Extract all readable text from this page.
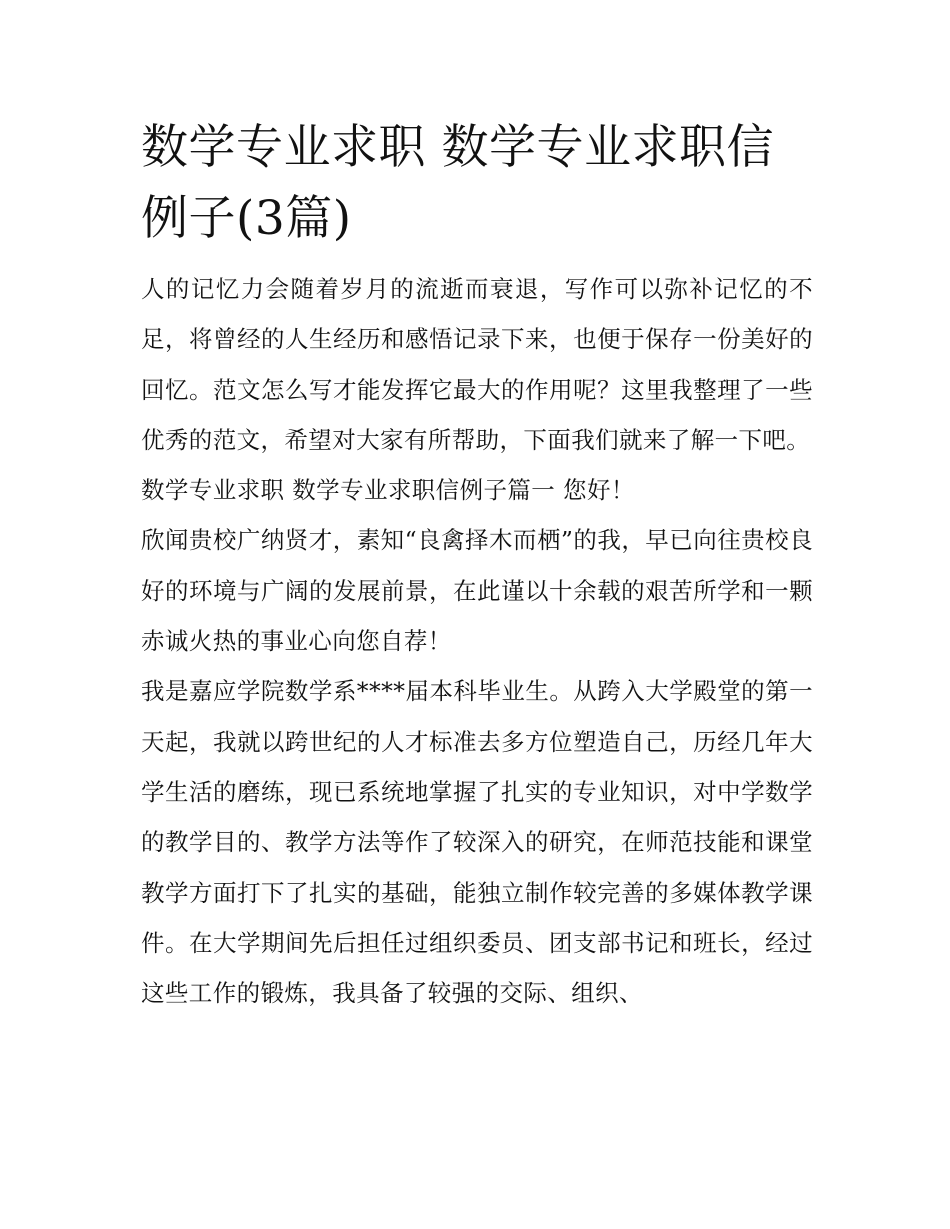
数学专业求职 数学专业求职信例子(3篇)

人的记忆力会随着岁月的流逝而衰退，写作可以弥补记忆的不足，将曾经的人生经历和感悟记录下来，也便于保存一份美好的回忆。范文怎么写才能发挥它最大的作用呢？这里我整理了一些优秀的范文，希望对大家有所帮助，下面我们就来了解一下吧。

数学专业求职 数学专业求职信例子篇一 您好！

欣闻贵校广纳贤才，素知“良禽择木而栖”的我，早已向往贵校良好的环境与广阔的发展前景，在此谨以十余载的艰苦所学和一颗赤诚火热的事业心向您自荐！

我是嘉应学院数学系****届本科毕业生。从跨入大学殿堂的第一天起，我就以跨世纪的人才标准去多方位塑造自己，历经几年大学生活的磨练，现已系统地掌握了扎实的专业知识，对中学数学的教学目的、教学方法等作了较深入的研究，在师范技能和课堂教学方面打下了扎实的基础，能独立制作较完善的多媒体教学课件。在大学期间先后担任过组织委员、团支部书记和班长，经过这些工作的锻炼，我具备了较强的交际、组织、
